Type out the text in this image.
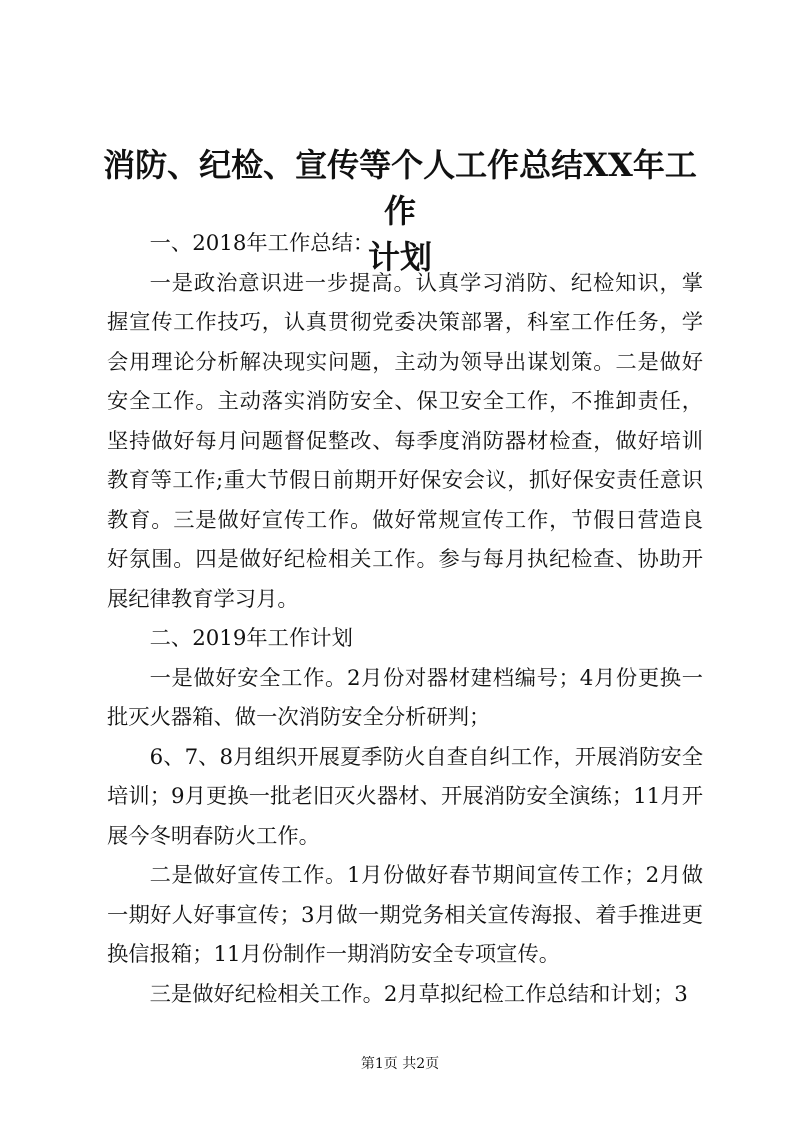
消防、纪检、宣传等个人工作总结XX年工作
计划

一、2018年工作总结：

一是政治意识进一步提高。认真学习消防、纪检知识，掌握宣传工作技巧，认真贯彻党委决策部署，科室工作任务，学会用理论分析解决现实问题，主动为领导出谋划策。二是做好安全工作。主动落实消防安全、保卫安全工作，不推卸责任，坚持做好每月问题督促整改、每季度消防器材检查，做好培训教育等工作;重大节假日前期开好保安会议，抓好保安责任意识教育。三是做好宣传工作。做好常规宣传工作，节假日营造良好氛围。四是做好纪检相关工作。参与每月执纪检查、协助开展纪律教育学习月。

二、2019年工作计划

一是做好安全工作。2月份对器材建档编号；4月份更换一批灭火器箱、做一次消防安全分析研判；

6、7、8月组织开展夏季防火自查自纠工作，开展消防安全培训；9月更换一批老旧灭火器材、开展消防安全演练；11月开展今冬明春防火工作。

二是做好宣传工作。1月份做好春节期间宣传工作；2月做一期好人好事宣传；3月做一期党务相关宣传海报、着手推进更换信报箱；11月份制作一期消防安全专项宣传。

三是做好纪检相关工作。2月草拟纪检工作总结和计划；3

第1页 共2页
